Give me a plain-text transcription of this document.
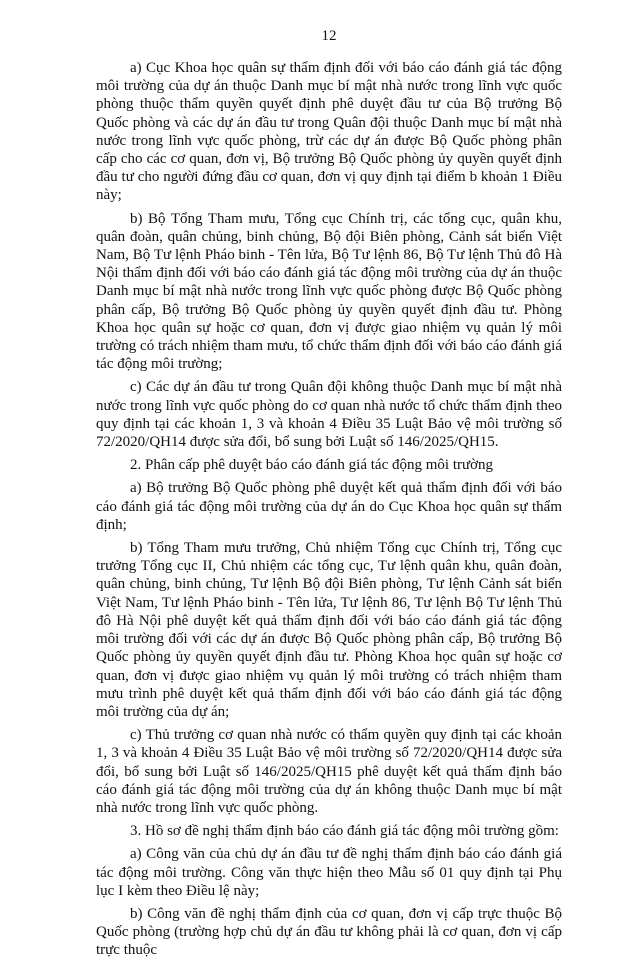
12

a) Cục Khoa học quân sự thẩm định đối với báo cáo đánh giá tác động môi trường của dự án thuộc Danh mục bí mật nhà nước trong lĩnh vực quốc phòng thuộc thẩm quyền quyết định phê duyệt đầu tư của Bộ trưởng Bộ Quốc phòng và các dự án đầu tư trong Quân đội thuộc Danh mục bí mật nhà nước trong lĩnh vực quốc phòng, trừ các dự án được Bộ Quốc phòng phân cấp cho các cơ quan, đơn vị, Bộ trưởng Bộ Quốc phòng ủy quyền quyết định đầu tư cho người đứng đầu cơ quan, đơn vị quy định tại điểm b khoản 1 Điều này;

b) Bộ Tổng Tham mưu, Tổng cục Chính trị, các tổng cục, quân khu, quân đoàn, quân chủng, binh chủng, Bộ đội Biên phòng, Cảnh sát biển Việt Nam, Bộ Tư lệnh Pháo binh - Tên lửa, Bộ Tư lệnh 86, Bộ Tư lệnh Thủ đô Hà Nội thẩm định đối với báo cáo đánh giá tác động môi trường của dự án thuộc Danh mục bí mật nhà nước trong lĩnh vực quốc phòng được Bộ Quốc phòng phân cấp, Bộ trưởng Bộ Quốc phòng ủy quyền quyết định đầu tư. Phòng Khoa học quân sự hoặc cơ quan, đơn vị được giao nhiệm vụ quản lý môi trường có trách nhiệm tham mưu, tổ chức thẩm định đối với báo cáo đánh giá tác động môi trường;

c) Các dự án đầu tư trong Quân đội không thuộc Danh mục bí mật nhà nước trong lĩnh vực quốc phòng do cơ quan nhà nước tổ chức thẩm định theo quy định tại các khoản 1, 3 và khoản 4 Điều 35 Luật Bảo vệ môi trường số 72/2020/QH14 được sửa đổi, bổ sung bởi Luật số 146/2025/QH15.

2. Phân cấp phê duyệt báo cáo đánh giá tác động môi trường

a) Bộ trưởng Bộ Quốc phòng phê duyệt kết quả thẩm định đối với báo cáo đánh giá tác động môi trường của dự án do Cục Khoa học quân sự thẩm định;

b) Tổng Tham mưu trưởng, Chủ nhiệm Tổng cục Chính trị, Tổng cục trưởng Tổng cục II, Chủ nhiệm các tổng cục, Tư lệnh quân khu, quân đoàn, quân chủng, binh chủng, Tư lệnh Bộ đội Biên phòng, Tư lệnh Cảnh sát biển Việt Nam, Tư lệnh Pháo binh - Tên lửa, Tư lệnh 86, Tư lệnh Bộ Tư lệnh Thủ đô Hà Nội phê duyệt kết quả thẩm định đối với báo cáo đánh giá tác động môi trường đối với các dự án được Bộ Quốc phòng phân cấp, Bộ trưởng Bộ Quốc phòng ủy quyền quyết định đầu tư. Phòng Khoa học quân sự hoặc cơ quan, đơn vị được giao nhiệm vụ quản lý môi trường có trách nhiệm tham mưu trình phê duyệt kết quả thẩm định đối với báo cáo đánh giá tác động môi trường của dự án;

c) Thủ trưởng cơ quan nhà nước có thẩm quyền quy định tại các khoản 1, 3 và khoản 4 Điều 35 Luật Bảo vệ môi trường số 72/2020/QH14 được sửa đổi, bổ sung bởi Luật số 146/2025/QH15 phê duyệt kết quả thẩm định báo cáo đánh giá tác động môi trường của dự án không thuộc Danh mục bí mật nhà nước trong lĩnh vực quốc phòng.

3. Hồ sơ đề nghị thẩm định báo cáo đánh giá tác động môi trường gồm:

a) Công văn của chủ dự án đầu tư đề nghị thẩm định báo cáo đánh giá tác động môi trường. Công văn thực hiện theo Mẫu số 01 quy định tại Phụ lục I kèm theo Điều lệ này;

b) Công văn đề nghị thẩm định của cơ quan, đơn vị cấp trực thuộc Bộ Quốc phòng (trường hợp chủ dự án đầu tư không phải là cơ quan, đơn vị cấp trực thuộc
